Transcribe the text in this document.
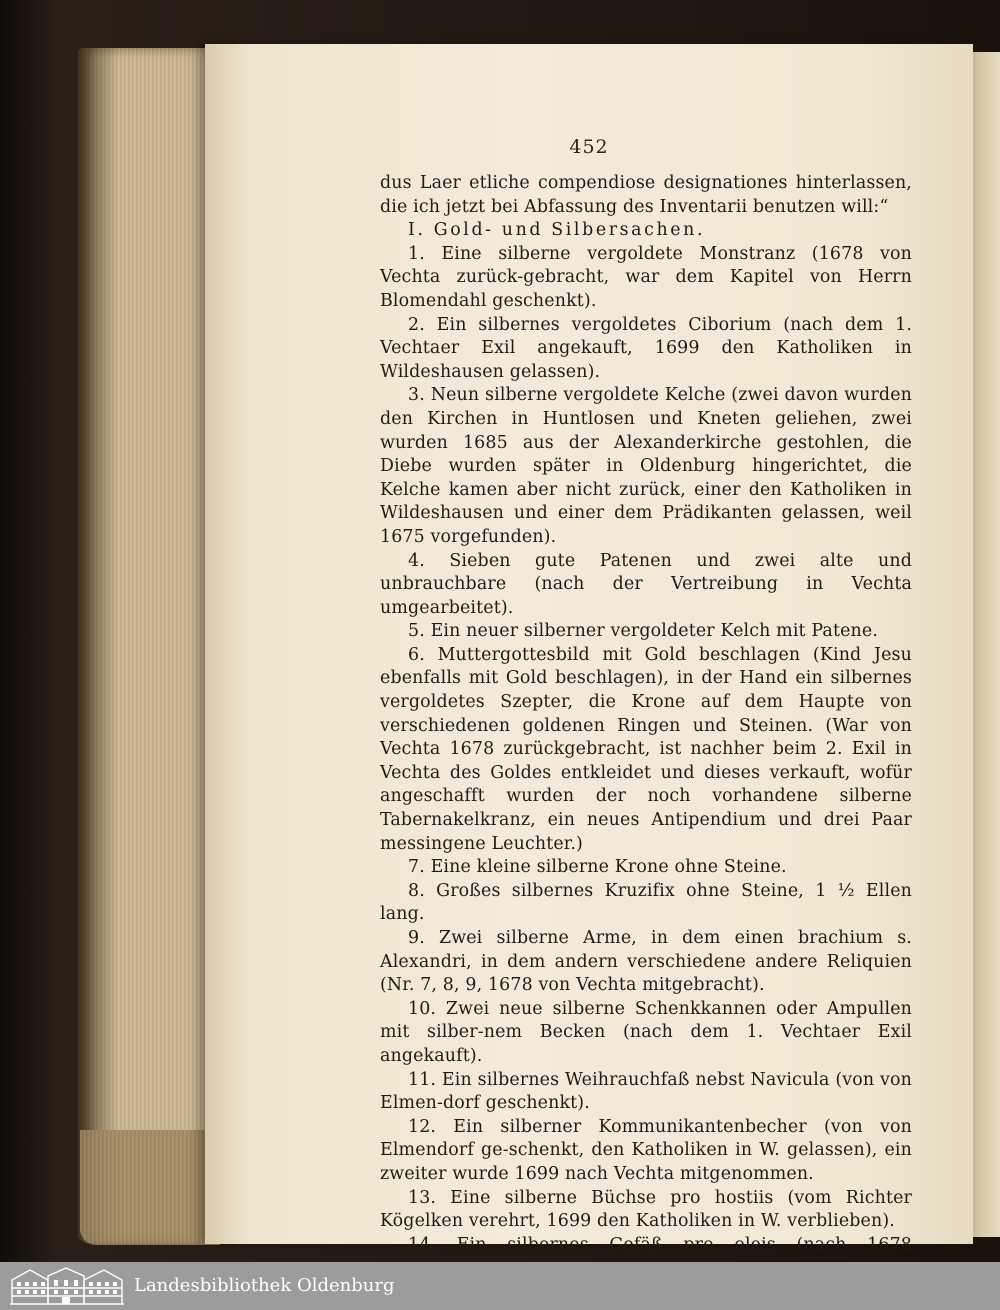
452

dus Laer etliche compendiose designationes hinterlassen, die ich jetzt bei Abfassung des Inventarii benutzen will:“

I. Gold- und Silbersachen.

1. Eine silberne vergoldete Monstranz (1678 von Vechta zurück-gebracht, war dem Kapitel von Herrn Blomendahl geschenkt).

2. Ein silbernes vergoldetes Ciborium (nach dem 1. Vechtaer Exil angekauft, 1699 den Katholiken in Wildeshausen gelassen).

3. Neun silberne vergoldete Kelche (zwei davon wurden den Kirchen in Huntlosen und Kneten geliehen, zwei wurden 1685 aus der Alexanderkirche gestohlen, die Diebe wurden später in Oldenburg hingerichtet, die Kelche kamen aber nicht zurück, einer den Katholiken in Wildeshausen und einer dem Prädikanten gelassen, weil 1675 vorgefunden).

4. Sieben gute Patenen und zwei alte und unbrauchbare (nach der Vertreibung in Vechta umgearbeitet).

5. Ein neuer silberner vergoldeter Kelch mit Patene.

6. Muttergottesbild mit Gold beschlagen (Kind Jesu ebenfalls mit Gold beschlagen), in der Hand ein silbernes vergoldetes Szepter, die Krone auf dem Haupte von verschiedenen goldenen Ringen und Steinen. (War von Vechta 1678 zurückgebracht, ist nachher beim 2. Exil in Vechta des Goldes entkleidet und dieses verkauft, wofür angeschafft wurden der noch vorhandene silberne Tabernakelkranz, ein neues Antipendium und drei Paar messingene Leuchter.)

7. Eine kleine silberne Krone ohne Steine.

8. Großes silbernes Kruzifix ohne Steine, 1 ½ Ellen lang.

9. Zwei silberne Arme, in dem einen brachium s. Alexandri, in dem andern verschiedene andere Reliquien (Nr. 7, 8, 9, 1678 von Vechta mitgebracht).

10. Zwei neue silberne Schenkkannen oder Ampullen mit silber-nem Becken (nach dem 1. Vechtaer Exil angekauft).

11. Ein silbernes Weihrauchfaß nebst Navicula (von von Elmen-dorf geschenkt).

12. Ein silberner Kommunikantenbecher (von von Elmendorf ge-schenkt, den Katholiken in W. gelassen), ein zweiter wurde 1699 nach Vechta mitgenommen.

13. Eine silberne Büchse pro hostiis (vom Richter Kögelken verehrt, 1699 den Katholiken in W. verblieben).

14. Ein silbernes Gefäß pro oleis (nach 1678

Landesbibliothek Oldenburg
